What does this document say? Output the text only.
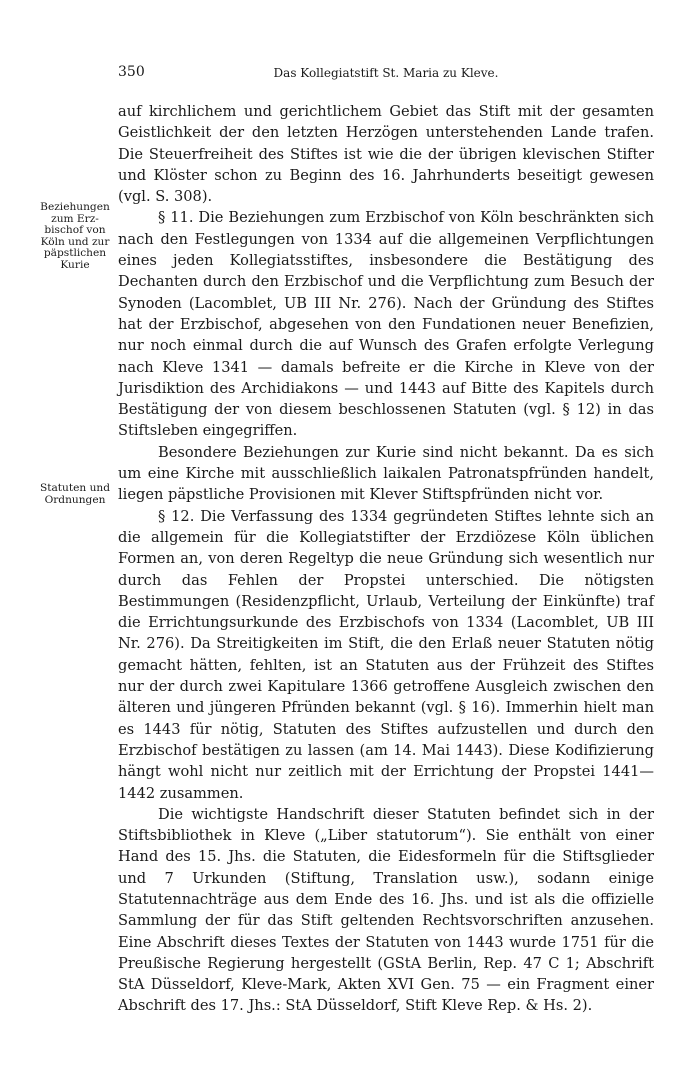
350	Das Kollegiatstift St. Maria zu Kleve.
Beziehungen zum Erz-bischof von Köln und zur päpstlichen Kurie
Statuten und Ordnungen

auf kirchlichem und gerichtlichem Gebiet das Stift mit der gesamten Geistlichkeit der den letzten Herzögen unterstehenden Lande trafen. Die Steuerfreiheit des Stiftes ist wie die der übrigen klevischen Stifter und Klöster schon zu Beginn des 16. Jahrhunderts beseitigt gewesen (vgl. S. 308).

§ 11. Die Beziehungen zum Erzbischof von Köln beschränkten sich nach den Festlegungen von 1334 auf die allgemeinen Verpflichtungen eines jeden Kollegiatsstiftes, insbesondere die Bestätigung des Dechanten durch den Erzbischof und die Verpflichtung zum Besuch der Synoden (Lacomblet, UB III Nr. 276). Nach der Gründung des Stiftes hat der Erzbischof, abgesehen von den Fundationen neuer Benefizien, nur noch einmal durch die auf Wunsch des Grafen erfolgte Verlegung nach Kleve 1341 — damals befreite er die Kirche in Kleve von der Jurisdiktion des Archidiakons — und 1443 auf Bitte des Kapitels durch Bestätigung der von diesem beschlossenen Statuten (vgl. § 12) in das Stiftsleben eingegriffen.

Besondere Beziehungen zur Kurie sind nicht bekannt. Da es sich um eine Kirche mit ausschließlich laikalen Patronatspfründen handelt, liegen päpstliche Provisionen mit Klever Stiftspfründen nicht vor.

§ 12. Die Verfassung des 1334 gegründeten Stiftes lehnte sich an die allgemein für die Kollegiatstifter der Erzdiözese Köln üblichen Formen an, von deren Regeltyp die neue Gründung sich wesentlich nur durch das Fehlen der Propstei unterschied. Die nötigsten Bestimmungen (Residenzpflicht, Urlaub, Verteilung der Einkünfte) traf die Errichtungsurkunde des Erzbischofs von 1334 (Lacomblet, UB III Nr. 276). Da Streitigkeiten im Stift, die den Erlaß neuer Statuten nötig gemacht hätten, fehlten, ist an Statuten aus der Frühzeit des Stiftes nur der durch zwei Kapitulare 1366 getroffene Ausgleich zwischen den älteren und jüngeren Pfründen bekannt (vgl. § 16). Immerhin hielt man es 1443 für nötig, Statuten des Stiftes aufzustellen und durch den Erzbischof bestätigen zu lassen (am 14. Mai 1443). Diese Kodifizierung hängt wohl nicht nur zeitlich mit der Errichtung der Propstei 1441—1442 zusammen.

Die wichtigste Handschrift dieser Statuten befindet sich in der Stiftsbibliothek in Kleve („Liber statutorum“). Sie enthält von einer Hand des 15. Jhs. die Statuten, die Eidesformeln für die Stiftsglieder und 7 Urkunden (Stiftung, Translation usw.), sodann einige Statutennachträge aus dem Ende des 16. Jhs. und ist als die offizielle Sammlung der für das Stift geltenden Rechtsvorschriften anzusehen. Eine Abschrift dieses Textes der Statuten von 1443 wurde 1751 für die Preußische Regierung hergestellt (GStA Berlin, Rep. 47 C 1; Abschrift StA Düsseldorf, Kleve-Mark, Akten XVI Gen. 75 — ein Fragment einer Abschrift des 17. Jhs.: StA Düsseldorf, Stift Kleve Rep. & Hs. 2).
